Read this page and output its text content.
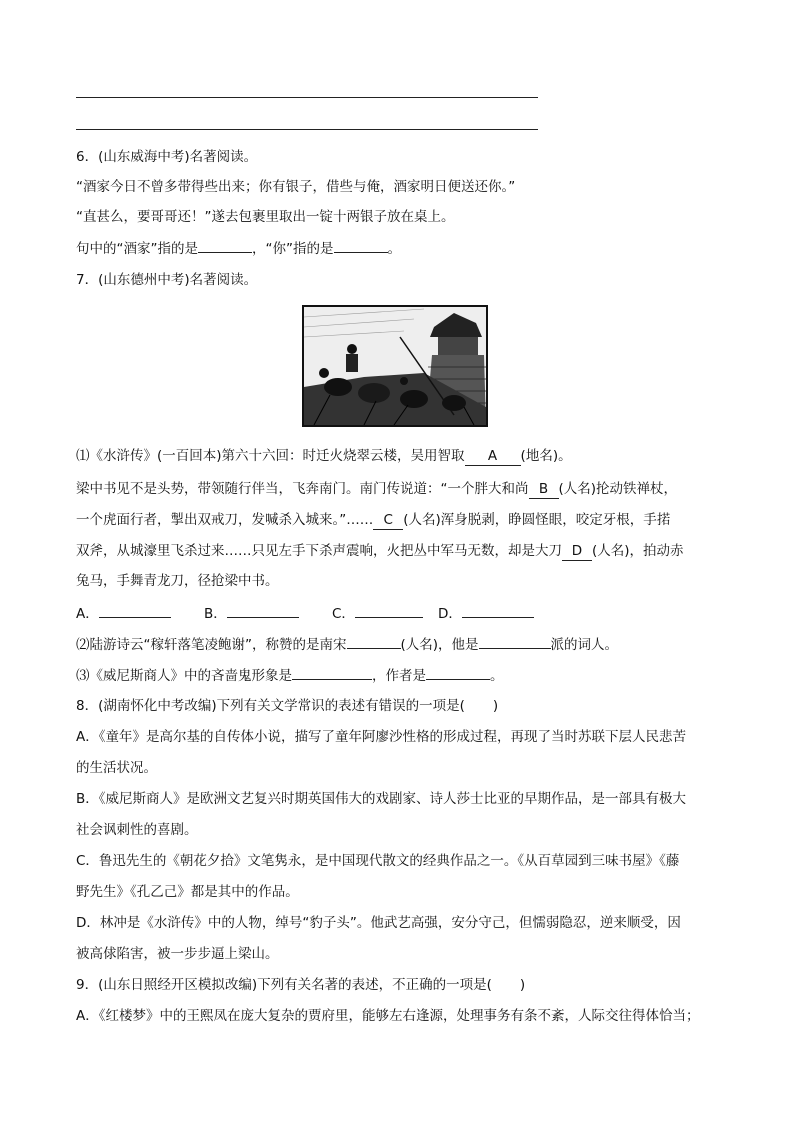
6．(山东威海中考)名著阅读。
“酒家今日不曾多带得些出来；你有银子，借些与俺，酒家明日便送还你。”
“直甚么，要哥哥还！”遂去包裹里取出一锭十两银子放在桌上。
句中的“酒家”指的是	，“你”指的是	。
7．(山东德州中考)名著阅读。
⑴《水浒传》(一百回本)第六十六回：时迁火烧翠云楼，吴用智取 A (地名)。
梁中书见不是头势，带领随行伴当，飞奔南门。南门传说道：“一个胖大和尚 B (人名)抡动铁禅杖，
一个虎面行者，掣出双戒刀，发喊杀入城来。”…… C (人名)浑身脱剥，睁圆怪眼，咬定牙根，手掿
双斧，从城濠里飞杀过来……只见左手下杀声震响，火把丛中军马无数，却是大刀 D (人名)，拍动赤
兔马，手舞青龙刀，径抢梁中书。
A．	B．	C．	D．
⑵陆游诗云“稼轩落笔凌鲍谢”，称赞的是南宋	(人名)，他是	派的词人。
⑶《威尼斯商人》中的吝啬鬼形象是	，作者是	。
8．(湖南怀化中考改编)下列有关文学常识的表述有错误的一项是( )
A．《童年》是高尔基的自传体小说，描写了童年阿廖沙性格的形成过程，再现了当时苏联下层人民悲苦
的生活状况。
B．《威尼斯商人》是欧洲文艺复兴时期英国伟大的戏剧家、诗人莎士比亚的早期作品，是一部具有极大
社会讽刺性的喜剧。
C．鲁迅先生的《朝花夕拾》文笔隽永，是中国现代散文的经典作品之一。《从百草园到三味书屋》《藤
野先生》《孔乙己》都是其中的作品。
D．林冲是《水浒传》中的人物，绰号“豹子头”。他武艺高强，安分守己，但懦弱隐忍，逆来顺受，因
被高俅陷害，被一步步逼上梁山。
9．(山东日照经开区模拟改编)下列有关名著的表述，不正确的一项是( )
A．《红楼梦》中的王熙凤在庞大复杂的贾府里，能够左右逢源，处理事务有条不紊，人际交往得体恰当；
